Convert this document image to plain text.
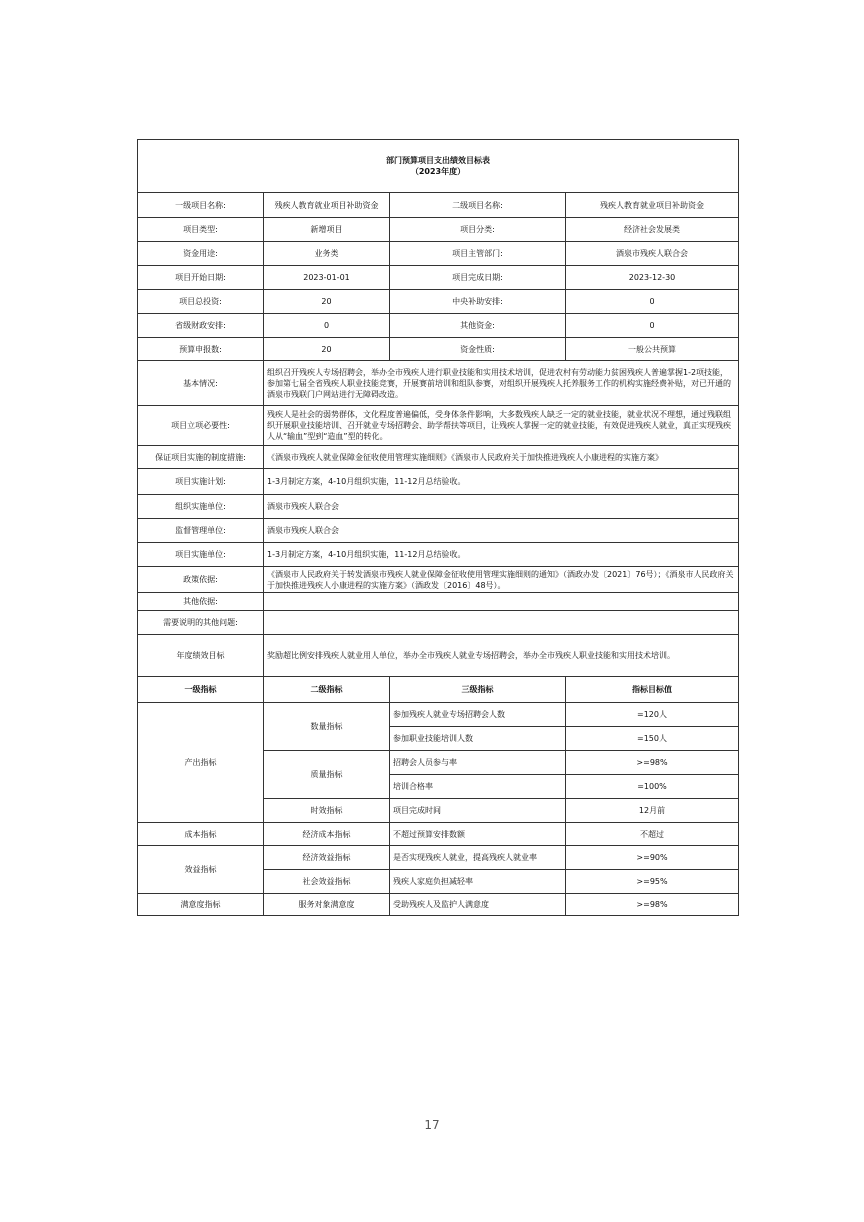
部门预算项目支出绩效目标表
（2023年度）			

一级项目名称:	残疾人教育就业项目补助资金	二级项目名称:	残疾人教育就业项目补助资金
项目类型:	新增项目	项目分类:	经济社会发展类
资金用途:	业务类	项目主管部门:	酒泉市残疾人联合会
项目开始日期:	2023-01-01	项目完成日期:	2023-12-30
项目总投资:	20	中央补助安排:	0
省级财政安排:	0	其他资金:	0
预算申报数:	20	资金性质:	一般公共预算
基本情况:	组织召开残疾人专场招聘会，举办全市残疾人进行职业技能和实用技术培训，促进农村有劳动能力贫困残疾人普遍掌握1-2项技能，参加第七届全省残疾人职业技能竞赛，开展赛前培训和组队参赛，对组织开展残疾人托养服务工作的机构实施经费补贴，对已开通的酒泉市残联门户网站进行无障碍改造。		
项目立项必要性:	残疾人是社会的弱势群体，文化程度普遍偏低，受身体条件影响，大多数残疾人缺乏一定的就业技能，就业状况不理想，通过残联组织开展职业技能培训、召开就业专场招聘会、助学帮扶等项目，让残疾人掌握一定的就业技能，有效促进残疾人就业，真正实现残疾人从“输血”型到“造血”型的转化。		
保证项目实施的制度措施:	《酒泉市残疾人就业保障金征收使用管理实施细则》《酒泉市人民政府关于加快推进残疾人小康进程的实施方案》		
项目实施计划:	1-3月制定方案，4-10月组织实施，11-12月总结验收。		
组织实施单位:	酒泉市残疾人联合会		
监督管理单位:	酒泉市残疾人联合会		
项目实施单位:	1-3月制定方案，4-10月组织实施，11-12月总结验收。		
政策依据:	《酒泉市人民政府关于转发酒泉市残疾人就业保障金征收使用管理实施细则的通知》（酒政办发〔2021〕76号）；《酒泉市人民政府关于加快推进残疾人小康进程的实施方案》（酒政发〔2016〕48号）。		
其他依据:			
需要说明的其他问题:			
年度绩效目标	奖励超比例安排残疾人就业用人单位，举办全市残疾人就业专场招聘会，举办全市残疾人职业技能和实用技术培训。		
一级指标	二级指标	三级指标	指标目标值
产出指标	数量指标	参加残疾人就业专场招聘会人数	=120人
		参加职业技能培训人数	=150人
	质量指标	招聘会人员参与率	>=98%
		培训合格率	=100%
	时效指标	项目完成时间	12月前
成本指标	经济成本指标	不超过预算安排数额	不超过
效益指标	经济效益指标	是否实现残疾人就业，提高残疾人就业率	>=90%
	社会效益指标	残疾人家庭负担减轻率	>=95%
满意度指标	服务对象满意度	受助残疾人及监护人满意度	>=98%
17
